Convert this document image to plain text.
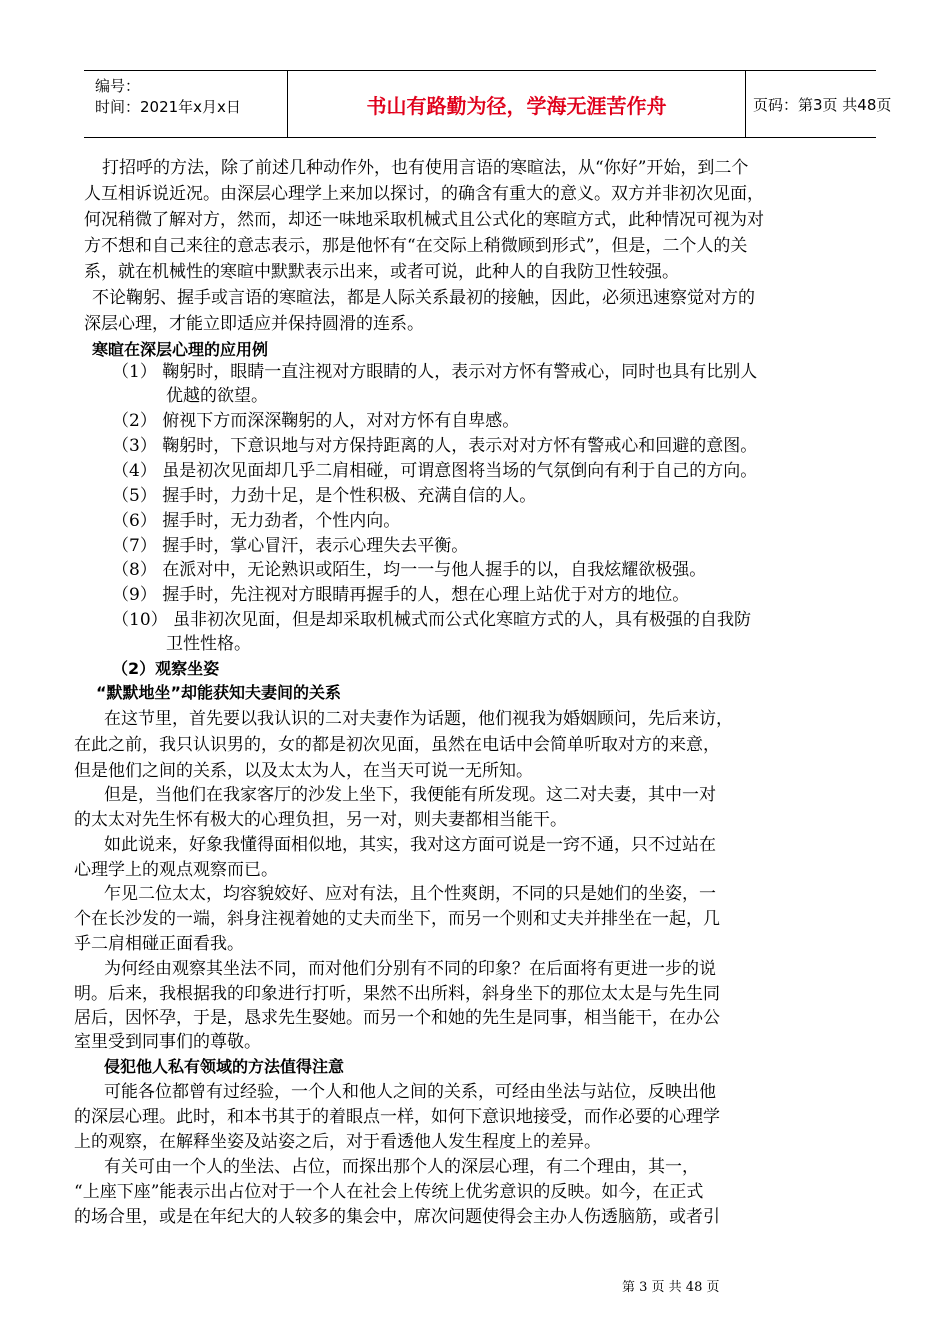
编号：
时间：2021年x月x日	书山有路勤为径，学海无涯苦作舟	页码：第3页 共48页
打招呼的方法，除了前述几种动作外，也有使用言语的寒暄法，从“你好”开始，到二个
人互相诉说近况。由深层心理学上来加以探讨，的确含有重大的意义。双方并非初次见面，
何况稍微了解对方，然而，却还一味地采取机械式且公式化的寒暄方式，此种情况可视为对
方不想和自己来往的意志表示，那是他怀有“在交际上稍微顾到形式”，但是，二个人的关
系，就在机械性的寒暄中默默表示出来，或者可说，此种人的自我防卫性较强。
不论鞠躬、握手或言语的寒暄法，都是人际关系最初的接触，因此，必须迅速察觉对方的
深层心理，才能立即适应并保持圆滑的连系。
寒暄在深层心理的应用例
（1） 鞠躬时，眼睛一直注视对方眼睛的人，表示对方怀有警戒心，同时也具有比别人
优越的欲望。
（2） 俯视下方而深深鞠躬的人，对对方怀有自卑感。
（3） 鞠躬时，下意识地与对方保持距离的人，表示对对方怀有警戒心和回避的意图。
（4） 虽是初次见面却几乎二肩相碰，可谓意图将当场的气氛倒向有利于自己的方向。
（5） 握手时，力劲十足，是个性积极、充满自信的人。
（6） 握手时，无力劲者，个性内向。
（7） 握手时，掌心冒汗，表示心理失去平衡。
（8） 在派对中，无论熟识或陌生，均一一与他人握手的以，自我炫耀欲极强。
（9） 握手时，先注视对方眼睛再握手的人，想在心理上站优于对方的地位。
（10） 虽非初次见面，但是却采取机械式而公式化寒暄方式的人，具有极强的自我防
卫性性格。
（2）观察坐姿
“默默地坐”却能获知夫妻间的关系
在这节里，首先要以我认识的二对夫妻作为话题，他们视我为婚姻顾问，先后来访，
在此之前，我只认识男的，女的都是初次见面，虽然在电话中会简单听取对方的来意，
但是他们之间的关系，以及太太为人，在当天可说一无所知。
但是，当他们在我家客厅的沙发上坐下，我便能有所发现。这二对夫妻，其中一对
的太太对先生怀有极大的心理负担，另一对，则夫妻都相当能干。
如此说来，好象我懂得面相似地，其实，我对这方面可说是一窍不通，只不过站在
心理学上的观点观察而已。
乍见二位太太，均容貌姣好、应对有法，且个性爽朗，不同的只是她们的坐姿，一
个在长沙发的一端，斜身注视着她的丈夫而坐下，而另一个则和丈夫并排坐在一起，几
乎二肩相碰正面看我。
为何经由观察其坐法不同，而对他们分别有不同的印象？在后面将有更进一步的说
明。后来，我根据我的印象进行打听，果然不出所料，斜身坐下的那位太太是与先生同
居后，因怀孕，于是，恳求先生娶她。而另一个和她的先生是同事，相当能干，在办公
室里受到同事们的尊敬。
侵犯他人私有领域的方法值得注意
可能各位都曾有过经验，一个人和他人之间的关系，可经由坐法与站位，反映出他
的深层心理。此时，和本书其于的着眼点一样，如何下意识地接受，而作必要的心理学
上的观察，在解释坐姿及站姿之后，对于看透他人发生程度上的差异。
有关可由一个人的坐法、占位，而探出那个人的深层心理，有二个理由，其一，
“上座下座”能表示出占位对于一个人在社会上传统上优劣意识的反映。如今，在正式
的场合里，或是在年纪大的人较多的集会中，席次问题使得会主办人伤透脑筋，或者引
第 3 页 共 48 页
